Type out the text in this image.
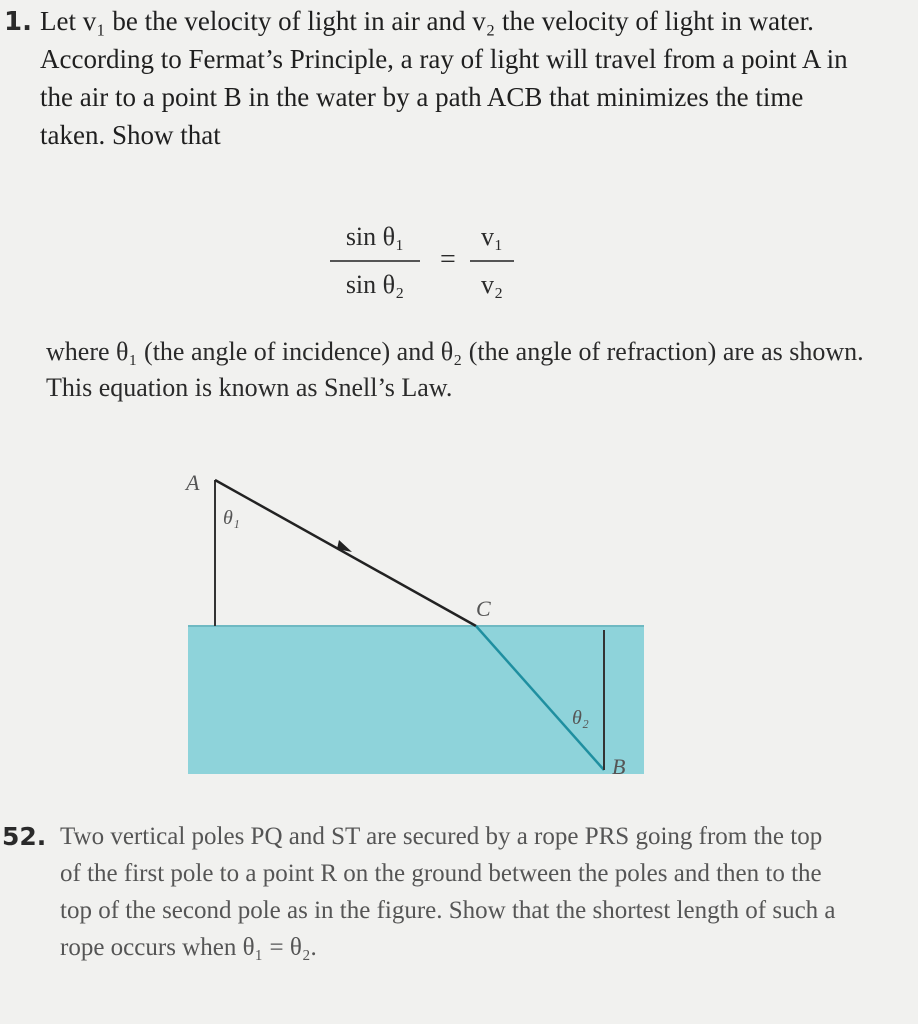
1. Let v₁ be the velocity of light in air and v₂ the velocity of light in water. According to Fermat’s Principle, a ray of light will travel from a point A in the air to a point B in the water by a path ACB that minimizes the time taken. Show that
sin θ₁
sin θ₂
=
v₁
v₂
where θ₁ (the angle of incidence) and θ₂ (the angle of refraction) are as shown. This equation is known as Snell’s Law.
A
θ₁
C
θ₂
B
52. Two vertical poles PQ and ST are secured by a rope PRS going from the top of the first pole to a point R on the ground between the poles and then to the top of the second pole as in the figure. Show that the shortest length of such a rope occurs when θ₁ = θ₂.
